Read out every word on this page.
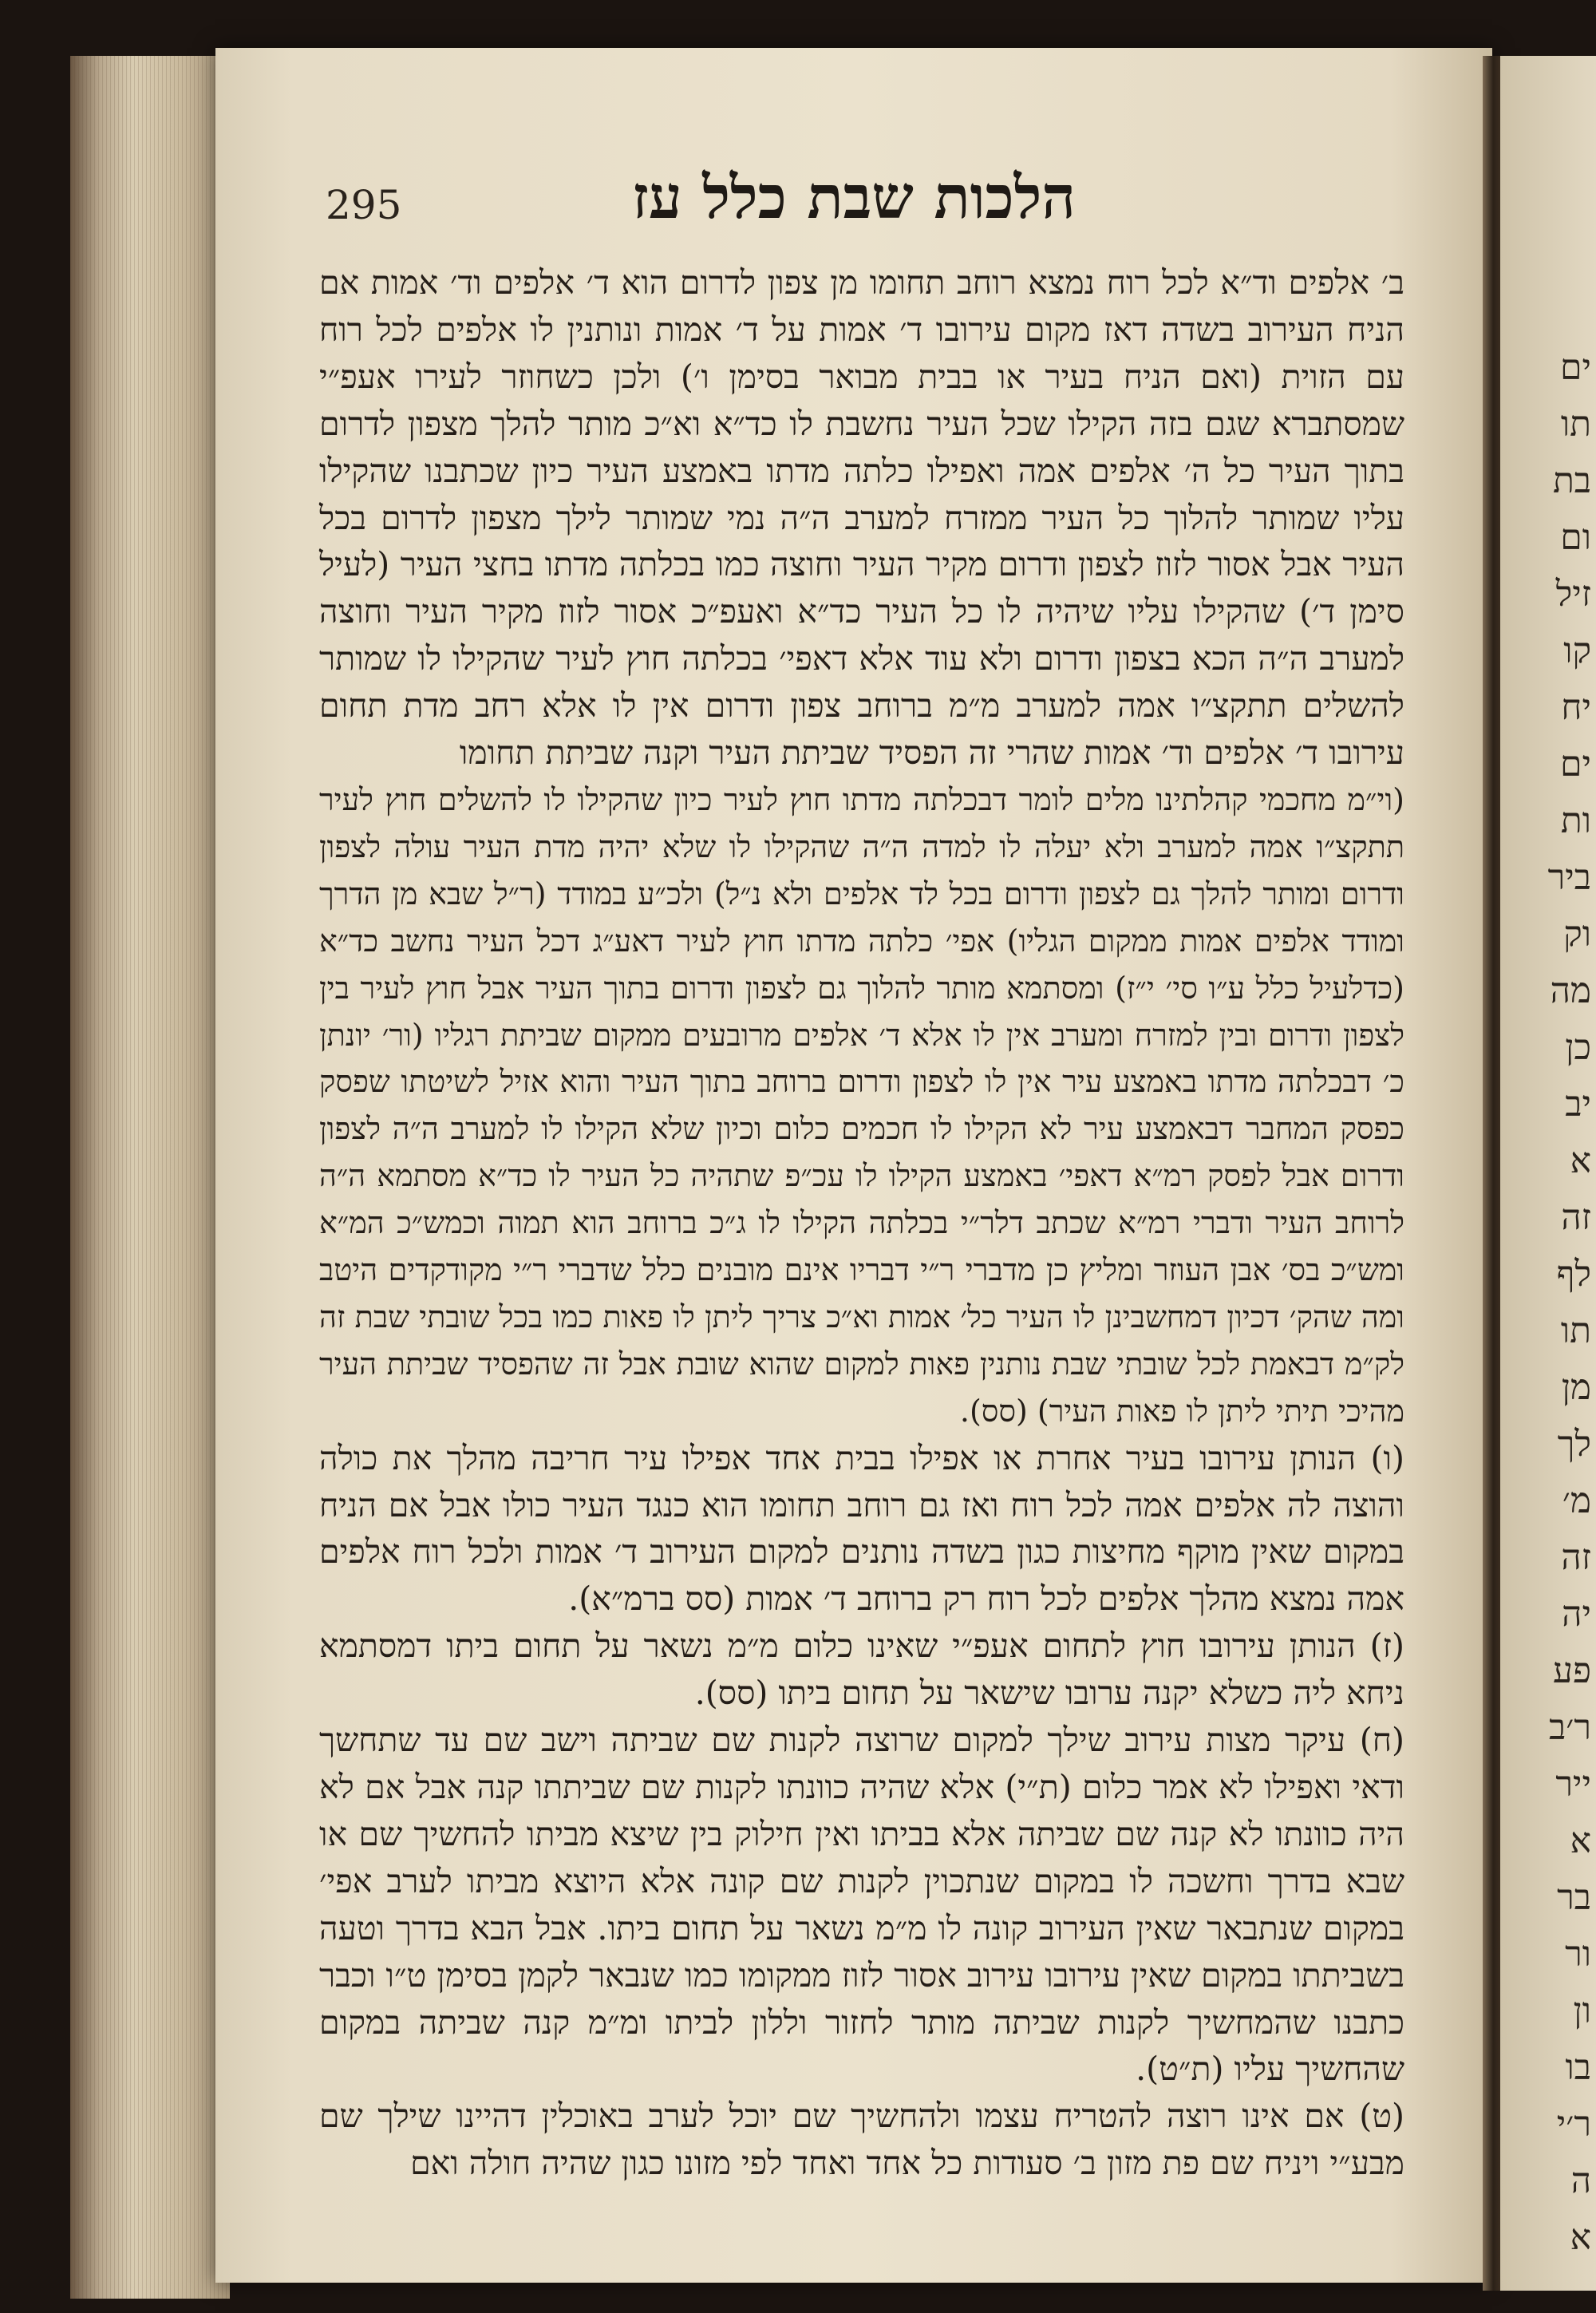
ים
תו
בת
ום
זיל
קו
יח
ים
ות
ביר
וק
מה
כן
יב
א
זה
לף
תו
מן
לך
מ׳
זה
יה
פע
ר׳ב
ייר
א
בר
ור
ון
בו
ר׳י
ה
א
295	הלכות שבת כלל עז

ב׳ אלפים וד״א לכל רוח נמצא רוחב תחומו מן צפון לדרום הוא ד׳ אלפים וד׳ אמות אם הניח העירוב בשדה דאז מקום עירובו ד׳ אמות על ד׳ אמות ונותנין לו אלפים לכל רוח עם הזוית (ואם הניח בעיר או בבית מבואר בסימן ו׳) ולכן כשחוזר לעירו אעפ״י שמסתברא שגם בזה הקילו שכל העיר נחשבת לו כד״א וא״כ מותר להלך מצפון לדרום בתוך העיר כל ה׳ אלפים אמה ואפילו כלתה מדתו באמצע העיר כיון שכתבנו שהקילו עליו שמותר להלוך כל העיר ממזרח למערב ה״ה נמי שמותר לילך מצפון לדרום בכל העיר אבל אסור לזוז לצפון ודרום מקיר העיר וחוצה כמו בכלתה מדתו בחצי העיר (לעיל סימן ד׳) שהקילו עליו שיהיה לו כל העיר כד״א ואעפ״כ אסור לזוז מקיר העיר וחוצה למערב ה״ה הכא בצפון ודרום ולא עוד אלא דאפי׳ בכלתה חוץ לעיר שהקילו לו שמותר להשלים תתקצ״ו אמה למערב מ״מ ברוחב צפון ודרום אין לו אלא רחב מדת תחום עירובו ד׳ אלפים וד׳ אמות שהרי זה הפסיד שביתת העיר וקנה שביתת תחומו

(וי״מ מחכמי קהלתינו מלים לומר דבכלתה מדתו חוץ לעיר כיון שהקילו לו להשלים חוץ לעיר תתקצ״ו אמה למערב ולא יעלה לו למדה ה״ה שהקילו לו שלא יהיה מדת העיר עולה לצפון ודרום ומותר להלך גם לצפון ודרום בכל לד אלפים ולא נ״ל) ולכ״ע במודד (ר״ל שבא מן הדרך ומודד אלפים אמות ממקום הגליו) אפי׳ כלתה מדתו חוץ לעיר דאע״ג דכל העיר נחשב כד״א (כדלעיל כלל ע״ו סי׳ י״ז) ומסתמא מותר להלוך גם לצפון ודרום בתוך העיר אבל חוץ לעיר בין לצפון ודרום ובין למזרח ומערב אין לו אלא ד׳ אלפים מרובעים ממקום שביתת רגליו (ור׳ יונתן כ׳ דבכלתה מדתו באמצע עיר אין לו לצפון ודרום ברוחב בתוך העיר והוא אזיל לשיטתו שפסק כפסק המחבר דבאמצע עיר לא הקילו לו חכמים כלום וכיון שלא הקילו לו למערב ה״ה לצפון ודרום אבל לפסק רמ״א דאפי׳ באמצע הקילו לו עכ״פ שתהיה כל העיר לו כד״א מסתמא ה״ה לרוחב העיר ודברי רמ״א שכתב דלר״י בכלתה הקילו לו ג״כ ברוחב הוא תמוה וכמש״כ המ״א ומש״כ בס׳ אבן העוזר ומליץ כן מדברי ר״י דבריו אינם מובנים כלל שדברי ר״י מקודקדים היטב ומה שהק׳ דכיון דמחשבינן לו העיר כל׳ אמות וא״כ צריך ליתן לו פאות כמו בכל שובתי שבת זה לק״מ דבאמת לכל שובתי שבת נותנין פאות למקום שהוא שובת אבל זה שהפסיד שביתת העיר מהיכי תיתי ליתן לו פאות העיר) (סס).

(ו) הנותן עירובו בעיר אחרת או אפילו בבית אחד אפילו עיר חריבה מהלך את כולה והוצה לה אלפים אמה לכל רוח ואז גם רוחב תחומו הוא כנגד העיר כולו אבל אם הניח במקום שאין מוקף מחיצות כגון בשדה נותנים למקום העירוב ד׳ אמות ולכל רוח אלפים אמה נמצא מהלך אלפים לכל רוח רק ברוחב ד׳ אמות (סס ברמ״א).

(ז) הנותן עירובו חוץ לתחום אעפ״י שאינו כלום מ״מ נשאר על תחום ביתו דמסתמא ניחא ליה כשלא יקנה ערובו שישאר על תחום ביתו (סס).

(ח) עיקר מצות עירוב שילך למקום שרוצה לקנות שם שביתה וישב שם עד שתחשך ודאי ואפילו לא אמר כלום (ת״י) אלא שהיה כוונתו לקנות שם שביתתו קנה אבל אם לא היה כוונתו לא קנה שם שביתה אלא בביתו ואין חילוק בין שיצא מביתו להחשיך שם או שבא בדרך וחשכה לו במקום שנתכוין לקנות שם קונה אלא היוצא מביתו לערב אפי׳ במקום שנתבאר שאין העירוב קונה לו מ״מ נשאר על תחום ביתו. אבל הבא בדרך וטעה בשביתתו במקום שאין עירובו עירוב אסור לזוז ממקומו כמו שנבאר לקמן בסימן ט״ו וכבר כתבנו שהמחשיך לקנות שביתה מותר לחזור וללון לביתו ומ״מ קנה שביתה במקום שהחשיך עליו (ת״ט).

(ט) אם אינו רוצה להטריח עצמו ולהחשיך שם יוכל לערב באוכלין דהיינו שילך שם מבע״י ויניח שם פת מזון ב׳ סעודות כל אחד ואחד לפי מזונו כגון שהיה חולה ואם
